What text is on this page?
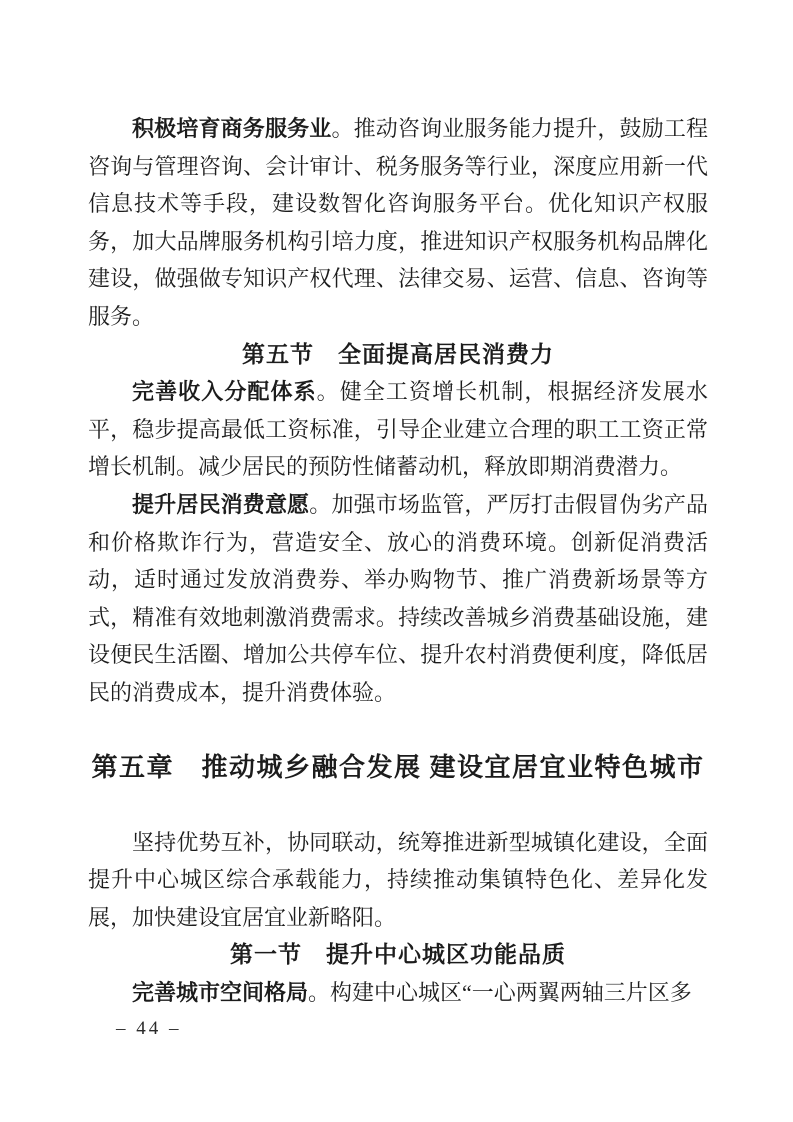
积极培育商务服务业。推动咨询业服务能力提升，鼓励工程咨询与管理咨询、会计审计、税务服务等行业，深度应用新一代信息技术等手段，建设数智化咨询服务平台。优化知识产权服务，加大品牌服务机构引培力度，推进知识产权服务机构品牌化建设，做强做专知识产权代理、法律交易、运营、信息、咨询等服务。

第五节　全面提高居民消费力

完善收入分配体系。健全工资增长机制，根据经济发展水平，稳步提高最低工资标准，引导企业建立合理的职工工资正常增长机制。减少居民的预防性储蓄动机，释放即期消费潜力。

提升居民消费意愿。加强市场监管，严厉打击假冒伪劣产品和价格欺诈行为，营造安全、放心的消费环境。创新促消费活动，适时通过发放消费券、举办购物节、推广消费新场景等方式，精准有效地刺激消费需求。持续改善城乡消费基础设施，建设便民生活圈、增加公共停车位、提升农村消费便利度，降低居民的消费成本，提升消费体验。

第五章　推动城乡融合发展 建设宜居宜业特色城市

坚持优势互补，协同联动，统筹推进新型城镇化建设，全面提升中心城区综合承载能力，持续推动集镇特色化、差异化发展，加快建设宜居宜业新略阳。

第一节　提升中心城区功能品质

完善城市空间格局。构建中心城区“一心两翼两轴三片区多

– 44 –
